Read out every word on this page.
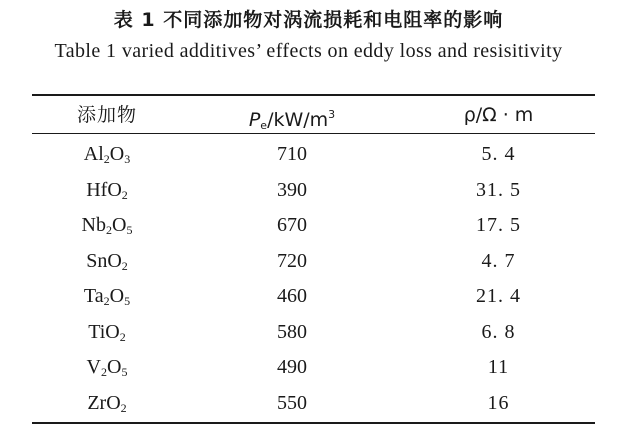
表 1 不同添加物对涡流损耗和电阻率的影响
Table 1 varied additives’ effects on eddy loss and resisitivity
添加物	$Pe/kW/m^3$	ρ/Ω · m
$Al_2O_3$	710	5. 4
HfO$_2$	390	31. 5
$Nb_2O_5$	670	17. 5
SnO$_2$	720	4. 7
$Ta_2O_5$	460	21. 4
TiO$_2$	580	6. 8
$V_2O_5$	490	11
ZrO$_2$	550	16
